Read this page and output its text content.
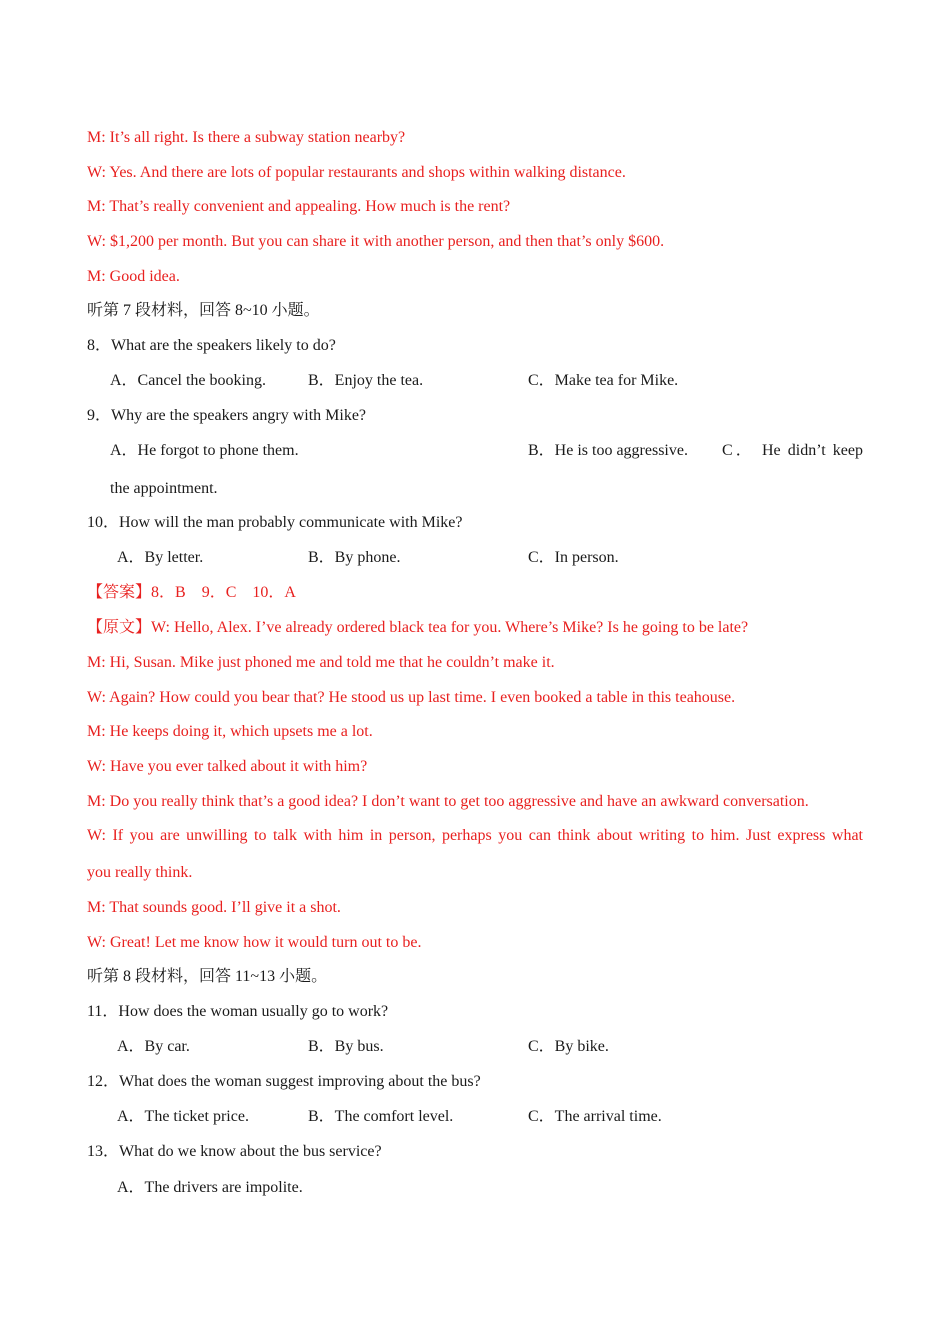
M: It’s all right. Is there a subway station nearby?
W: Yes. And there are lots of popular restaurants and shops within walking distance.
M: That’s really convenient and appealing. How much is the rent?
W: $1,200 per month. But you can share it with another person, and then that’s only $600.
M: Good idea.
听第 7 段材料，回答 8~10 小题。
8．What are the speakers likely to do?
A．Cancel the booking.	B．Enjoy the tea.	C．Make tea for Mike.
9．Why are the speakers angry with Mike?
A．He forgot to phone them.	B．He is too aggressive. C． He didn’t keep
the appointment.
10．How will the man probably communicate with Mike?
A．By letter.	B．By phone.	C．In person.
【答案】8．B　9．C　10．A
【原文】W: Hello, Alex. I’ve already ordered black tea for you. Where’s Mike? Is he going to be late?
M: Hi, Susan. Mike just phoned me and told me that he couldn’t make it.
W: Again? How could you bear that? He stood us up last time. I even booked a table in this teahouse.
M: He keeps doing it, which upsets me a lot.
W: Have you ever talked about it with him?
M: Do you really think that’s a good idea? I don’t want to get too aggressive and have an awkward conversation.
W: If you are unwilling to talk with him in person, perhaps you can think about writing to him. Just express what
you really think.
M: That sounds good. I’ll give it a shot.
W: Great! Let me know how it would turn out to be.
听第 8 段材料，回答 11~13 小题。
11．How does the woman usually go to work?
A．By car.	B．By bus.	C．By bike.
12．What does the woman suggest improving about the bus?
A．The ticket price.	B．The comfort level.	C．The arrival time.
13．What do we know about the bus service?
A．The drivers are impolite.
